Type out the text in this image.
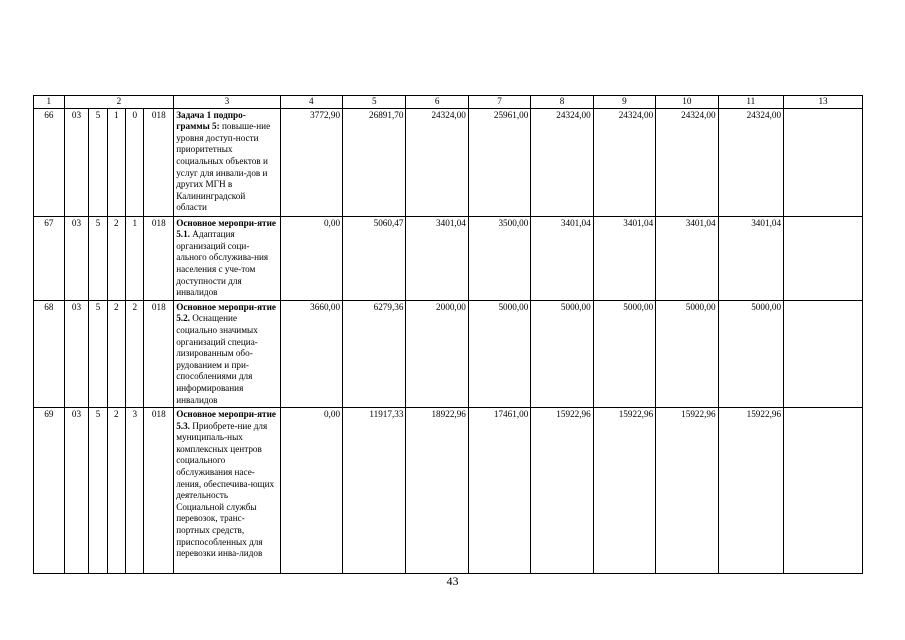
1	2					3	4	5	6	7	8	9	10	11	13
66	03	5	1	0	018	Задача 1 подпро-граммы 5: повыше-ние уровня доступ-ности приоритетных социальных объектов и услуг для инвали-дов и других МГН в Калининградской области	3772,90	26891,70	24324,00	25961,00	24324,00	24324,00	24324,00	24324,00	
67	03	5	2	1	018	Основное меропри-ятие 5.1. Адаптация организаций соци-ального обслужива-ния населения с уче-том доступности для инвалидов	0,00	5060,47	3401,04	3500,00	3401,04	3401,04	3401,04	3401,04	
68	03	5	2	2	018	Основное меропри-ятие 5.2. Оснащение социально значимых организаций специа-лизированным обо-рудованием и при-способлениями для информирования инвалидов	3660,00	6279,36	2000,00	5000,00	5000,00	5000,00	5000,00	5000,00	
69	03	5	2	3	018	Основное меропри-ятие 5.3. Приобрете-ние для муниципаль-ных комплексных центров социального обслуживания насе-ления, обеспечива-ющих деятельность Социальной службы перевозок, транс-портных средств, приспособленных для перевозки инва-лидов	0,00	11917,33	18922,96	17461,00	15922,96	15922,96	15922,96	15922,96	
43
